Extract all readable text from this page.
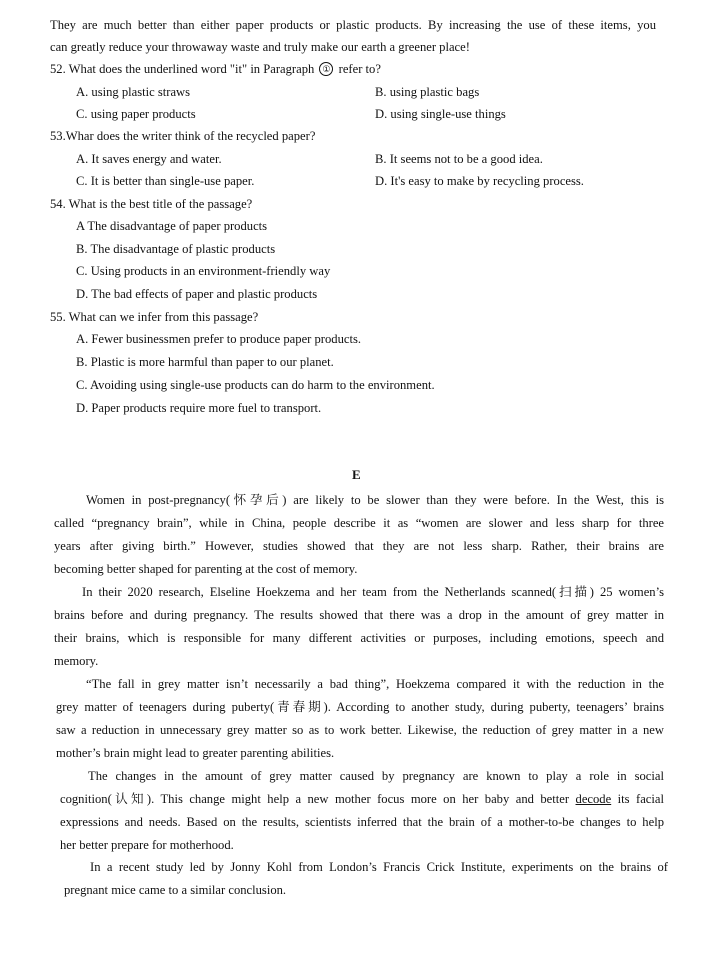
They are much better than either paper products or plastic products. By increasing the use of these items, you
can greatly reduce your throwaway waste and truly make our earth a greener place!
52. What does the underlined word "it" in Paragraph ① refer to?
A. using plastic straws	B. using plastic bags
C. using paper products	D. using single-use things
53.Whar does the writer think of the recycled paper?
A. It saves energy and water.	B. It seems not to be a good idea.
C. It is better than single-use paper.	D. It's easy to make by recycling process.
54. What is the best title of the passage?
A The disadvantage of paper products
B. The disadvantage of plastic products
C. Using products in an environment-friendly way
D. The bad effects of paper and plastic products
55. What can we infer from this passage?
A. Fewer businessmen prefer to produce paper products.
B. Plastic is more harmful than paper to our planet.
C. Avoiding using single-use products can do harm to the environment.
D. Paper products require more fuel to transport.
E
Women in post-pregnancy(怀孕后) are likely to be slower than they were before. In the West, this is
called “pregnancy brain”, while in China, people describe it as “women are slower and less sharp for three
years after giving birth.” However, studies showed that they are not less sharp. Rather, their brains are
becoming better shaped for parenting at the cost of memory.
In their 2020 research, Elseline Hoekzema and her team from the Netherlands scanned(扫描) 25 women’s
brains before and during pregnancy. The results showed that there was a drop in the amount of grey matter in
their brains, which is responsible for many different activities or purposes, including emotions, speech and
memory.
“The fall in grey matter isn’t necessarily a bad thing”, Hoekzema compared it with the reduction in the
grey matter of teenagers during puberty(青春期). According to another study, during puberty, teenagers’ brains
saw a reduction in unnecessary grey matter so as to work better. Likewise, the reduction of grey matter in a new
mother’s brain might lead to greater parenting abilities.
The changes in the amount of grey matter caused by pregnancy are known to play a role in social
cognition(认知). This change might help a new mother focus more on her baby and better decode its facial
expressions and needs. Based on the results, scientists inferred that the brain of a mother-to-be changes to help
her better prepare for motherhood.
In a recent study led by Jonny Kohl from London’s Francis Crick Institute, experiments on the brains of
pregnant mice came to a similar conclusion.
